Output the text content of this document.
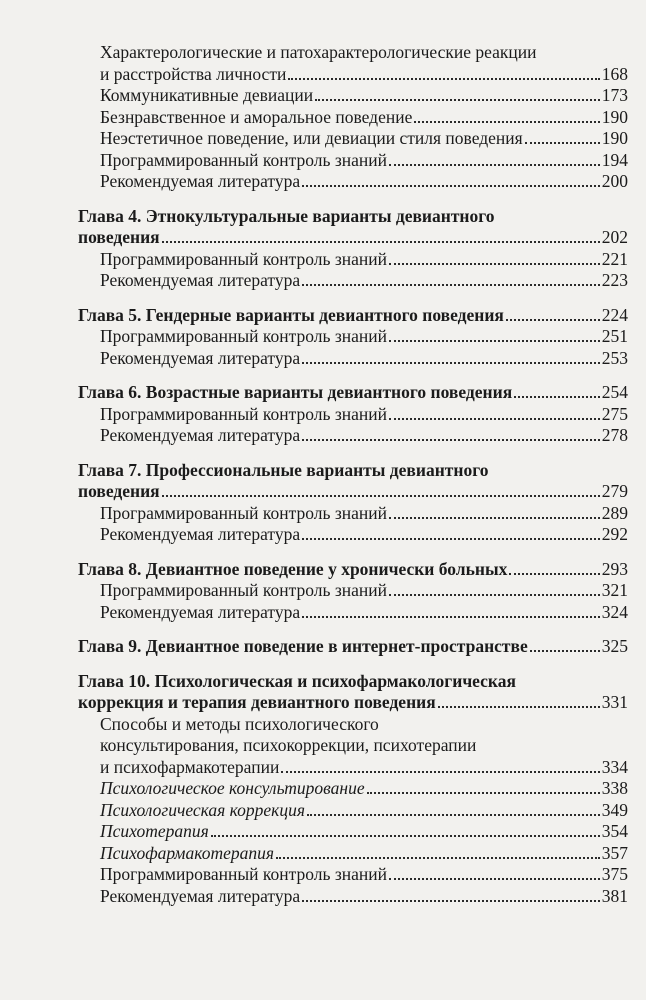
Характерологические и патохарактерологические реакции
и расстройства личности	168
Коммуникативные девиации	173
Безнравственное и аморальное поведение	190
Неэстетичное поведение, или девиации стиля поведения	190
Программированный контроль знаний	194
Рекомендуемая литература	200
Глава 4. Этнокультуральные варианты девиантного
поведения	202
Программированный контроль знаний	221
Рекомендуемая литература	223
Глава 5. Гендерные варианты девиантного поведения	224
Программированный контроль знаний	251
Рекомендуемая литература	253
Глава 6. Возрастные варианты девиантного поведения	254
Программированный контроль знаний	275
Рекомендуемая литература	278
Глава 7. Профессиональные варианты девиантного
поведения	279
Программированный контроль знаний	289
Рекомендуемая литература	292
Глава 8. Девиантное поведение у хронически больных	293
Программированный контроль знаний	321
Рекомендуемая литература	324
Глава 9. Девиантное поведение в интернет-пространстве	325
Глава 10. Психологическая и психофармакологическая
коррекция и терапия девиантного поведения	331
Способы и методы психологического
консультирования, психокоррекции, психотерапии
и психофармакотерапии	334
Психологическое консультирование	338
Психологическая коррекция	349
Психотерапия	354
Психофармакотерапия	357
Программированный контроль знаний	375
Рекомендуемая литература	381
